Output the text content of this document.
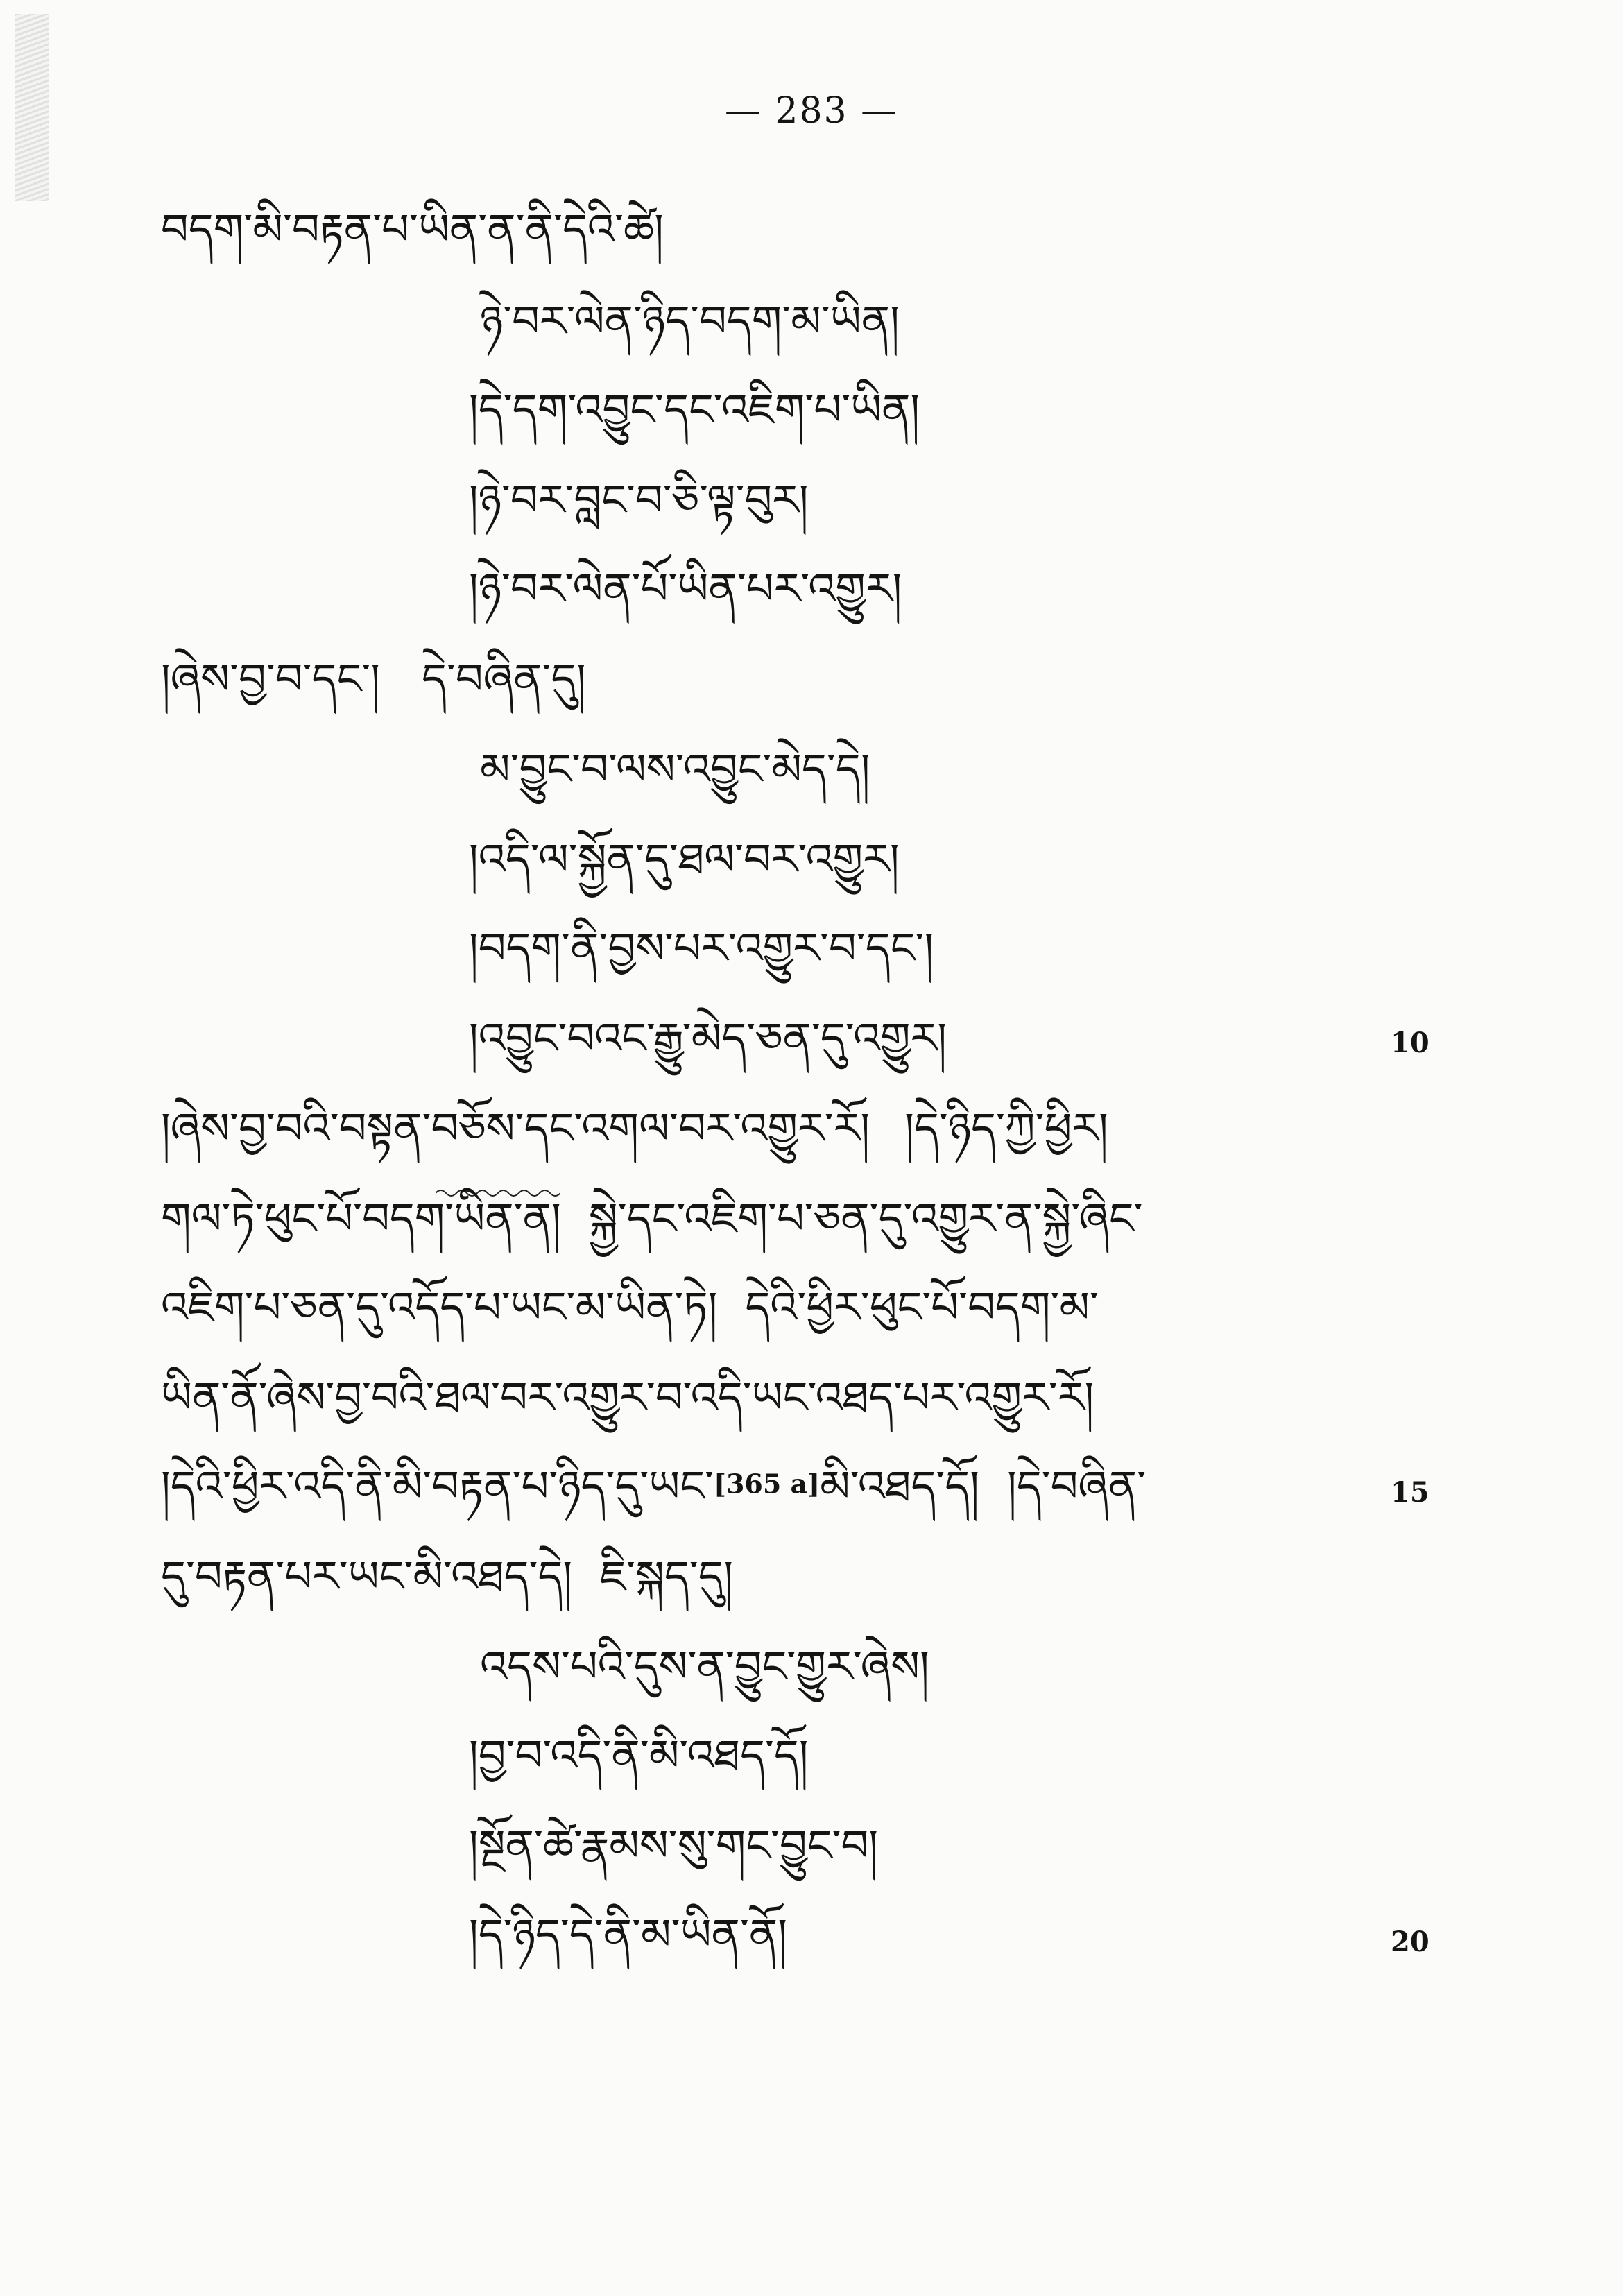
— 283 —
བདག་མི་བརྟན་པ་ཡིན་ན་ནི་དེའི་ཚེ།
ཉེ་བར་ལེན་ཉིད་བདག་མ་ཡིན།
།དེ་དག་འབྱུང་དང་འཇིག་པ་ཡིན།
།ཉེ་བར་བླང་བ་ཅི་ལྟ་བུར།
།ཉེ་བར་ལེན་པོ་ཡིན་པར་འགྱུར།
།ཞེས་བྱ་བ་དང་། དེ་བཞིན་དུ།
མ་བྱུང་བ་ལས་འབྱུང་མེད་དེ།
།འདི་ལ་སྐྱོན་དུ་ཐལ་བར་འགྱུར།
།བདག་ནི་བྱས་པར་འགྱུར་བ་དང་།
།འབྱུང་བའང་རྒྱུ་མེད་ཅན་དུ་འགྱུར།	10
།ཞེས་བྱ་བའི་བསྟན་བཅོས་དང་འགལ་བར་འགྱུར་རོ། །དེ་ཉིད་ཀྱི་ཕྱིར།
གལ་ཏེ་ཕུང་པོ་བདག་ཡིན་ན། སྐྱེ་དང་འཇིག་པ་ཅན་དུ་འགྱུར་ན་སྐྱེ་ཞིང་
འཇིག་པ་ཅན་དུ་འདོད་པ་ཡང་མ་ཡིན་ཏེ། དེའི་ཕྱིར་ཕུང་པོ་བདག་མ་
ཡིན་ནོ་ཞེས་བྱ་བའི་ཐལ་བར་འགྱུར་བ་འདི་ཡང་འཐད་པར་འགྱུར་རོ།
།དེའི་ཕྱིར་འདི་ནི་མི་བརྟན་པ་ཉིད་དུ་ཡང་[365 a]མི་འཐད་དོ། །དེ་བཞིན་	15
དུ་བརྟན་པར་ཡང་མི་འཐད་དེ། ཇི་སྐད་དུ།
འདས་པའི་དུས་ན་བྱུང་གྱུར་ཞེས།
།བྱ་བ་འདི་ནི་མི་འཐད་དོ།
།སྔོན་ཚེ་རྣམས་སུ་གང་བྱུང་བ།
།དེ་ཉིད་དེ་ནི་མ་ཡིན་ནོ།	20
